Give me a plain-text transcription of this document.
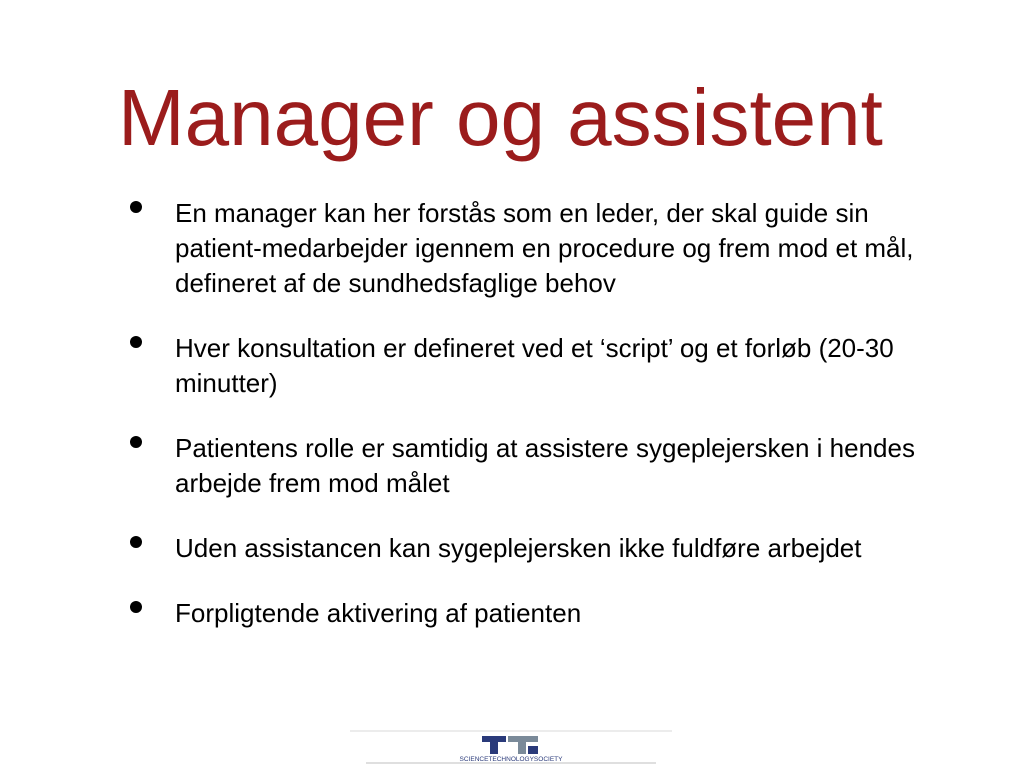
Manager og assistent
En manager kan her forstås som en leder, der skal guide sin patient-medarbejder igennem en procedure og frem mod et mål, defineret af de sundhedsfaglige behov
Hver konsultation er defineret ved et ‘script’ og et forløb (20-30 minutter)
Patientens rolle er samtidig at assistere sygeplejersken i hendes arbejde frem mod målet
Uden assistancen kan sygeplejersken ikke fuldføre arbejdet
Forpligtende aktivering af patienten
SCIENCETECHNOLOGYSOCIETY
